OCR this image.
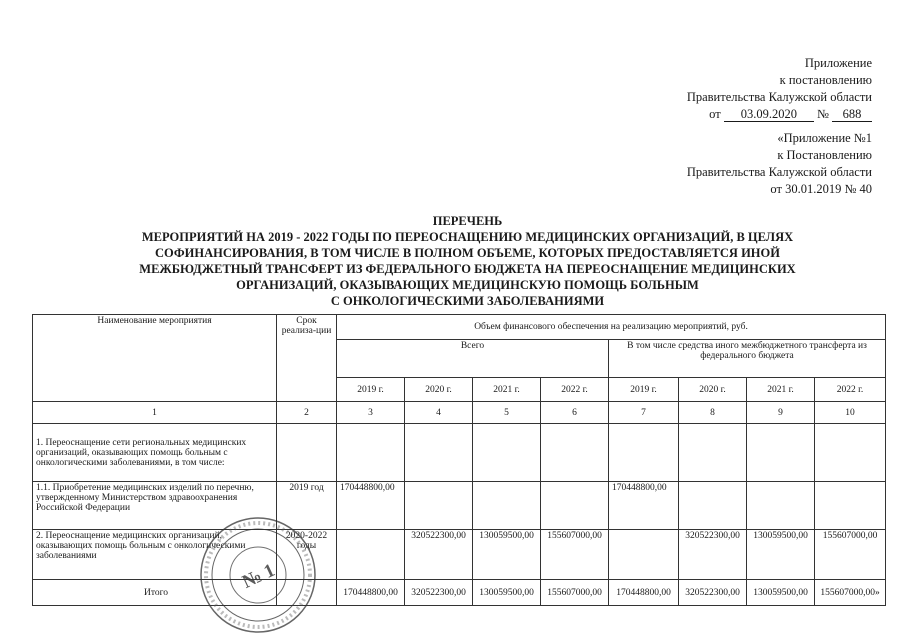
Приложение
к постановлению
Правительства Калужской области
от 03.09.2020 № 688
«Приложение №1
к Постановлению
Правительства Калужской области
от 30.01.2019 № 40
ПЕРЕЧЕНЬ
МЕРОПРИЯТИЙ НА 2019 - 2022 ГОДЫ ПО ПЕРЕОСНАЩЕНИЮ МЕДИЦИНСКИХ ОРГАНИЗАЦИЙ, В ЦЕЛЯХ
СОФИНАНСИРОВАНИЯ, В ТОМ ЧИСЛЕ В ПОЛНОМ ОБЪЕМЕ, КОТОРЫХ ПРЕДОСТАВЛЯЕТСЯ ИНОЙ
МЕЖБЮДЖЕТНЫЙ ТРАНСФЕРТ ИЗ ФЕДЕРАЛЬНОГО БЮДЖЕТА НА ПЕРЕОСНАЩЕНИЕ МЕДИЦИНСКИХ
ОРГАНИЗАЦИЙ, ОКАЗЫВАЮЩИХ МЕДИЦИНСКУЮ ПОМОЩЬ БОЛЬНЫМ
С ОНКОЛОГИЧЕСКИМИ ЗАБОЛЕВАНИЯМИ
Наименование мероприятия	Срок реализа-ции	Объем финансового обеспечения на реализацию мероприятий, руб.							
		Всего				В том числе средства иного межбюджетного трансферта из федерального бюджета			
		2019 г.	2020 г.	2021 г.	2022 г.	2019 г.	2020 г.	2021 г.	2022 г.
1	2	3	4	5	6	7	8	9	10
1. Переоснащение сети региональных медицинских организаций, оказывающих помощь больным с онкологическими заболеваниями, в том числе:									
1.1. Приобретение медицинских изделий по перечню, утвержденному Министерством здравоохранения Российской Федерации	2019 год	170448800,00				170448800,00			
2. Переоснащение медицинских организаций, оказывающих помощь больным с онкологическими заболеваниями	2020-2022 годы		320522300,00	130059500,00	155607000,00		320522300,00	130059500,00	155607000,00
Итого		170448800,00	320522300,00	130059500,00	155607000,00	170448800,00	320522300,00	130059500,00	155607000,00»
№ 1
